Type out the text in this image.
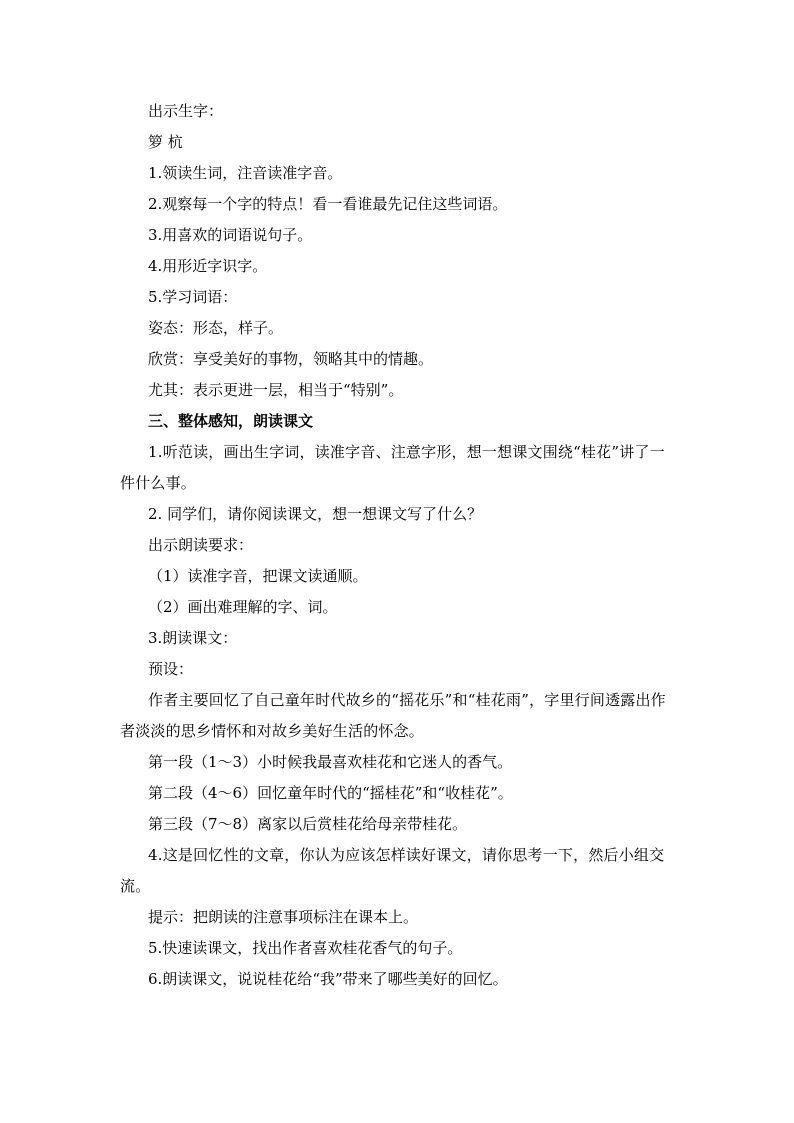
出示生字：

箩 杭

1.领读生词，注音读准字音。

2.观察每一个字的特点！看一看谁最先记住这些词语。

3.用喜欢的词语说句子。

4.用形近字识字。

5.学习词语：

姿态：形态，样子。

欣赏：享受美好的事物，领略其中的情趣。

尤其：表示更进一层，相当于“特别”。

三、整体感知，朗读课文

1.听范读，画出生字词，读准字音、注意字形，想一想课文围绕“桂花”讲了一件什么事。

2. 同学们，请你阅读课文，想一想课文写了什么？

出示朗读要求：

（1）读准字音，把课文读通顺。

（2）画出难理解的字、词。

3.朗读课文：

预设：

作者主要回忆了自己童年时代故乡的“摇花乐”和“桂花雨”，字里行间透露出作者淡淡的思乡情怀和对故乡美好生活的怀念。

第一段（1～3）小时候我最喜欢桂花和它迷人的香气。

第二段（4～6）回忆童年时代的“摇桂花”和“收桂花”。

第三段（7～8）离家以后赏桂花给母亲带桂花。

4.这是回忆性的文章，你认为应该怎样读好课文，请你思考一下，然后小组交流。

提示：把朗读的注意事项标注在课本上。

5.快速读课文，找出作者喜欢桂花香气的句子。

6.朗读课文，说说桂花给“我”带来了哪些美好的回忆。
